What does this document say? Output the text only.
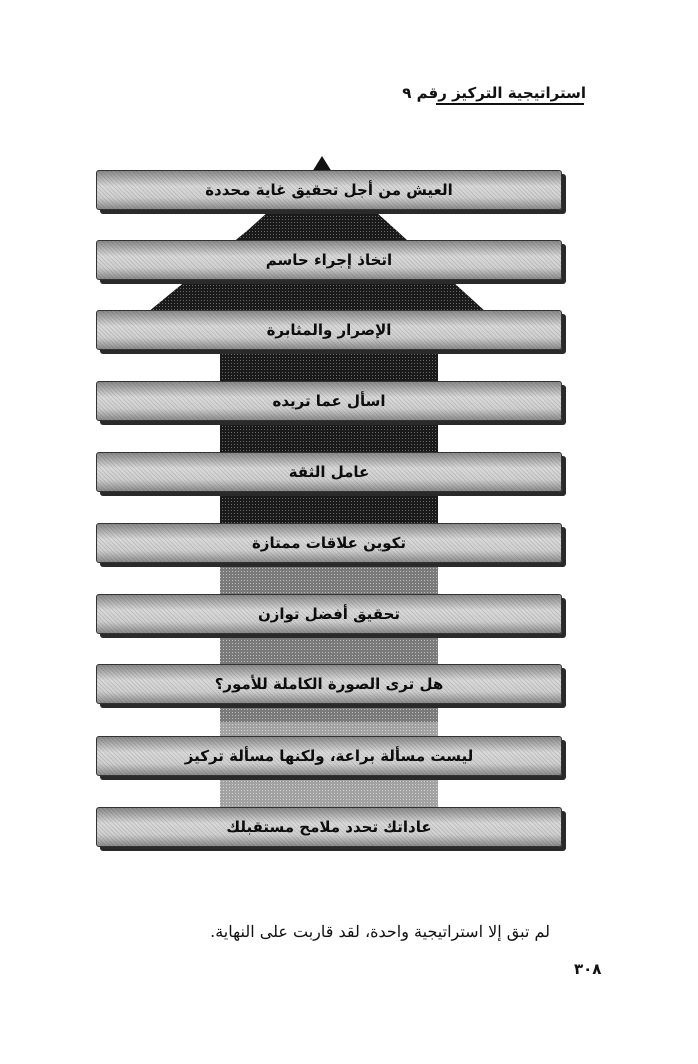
استراتيجية التركيز رقم ٩
العيش من أجل تحقيق غاية محددة
اتخاذ إجراء حاسم
الإصرار والمثابرة
اسأل عما تريده
عامل الثقة
تكوين علاقات ممتازة
تحقيق أفضل توازن
هل ترى الصورة الكاملة للأمور؟
ليست مسألة براعة، ولكنها مسألة تركيز
عاداتك تحدد ملامح مستقبلك
لم تبق إلا استراتيجية واحدة، لقد قاربت على النهاية.
٣٠٨
